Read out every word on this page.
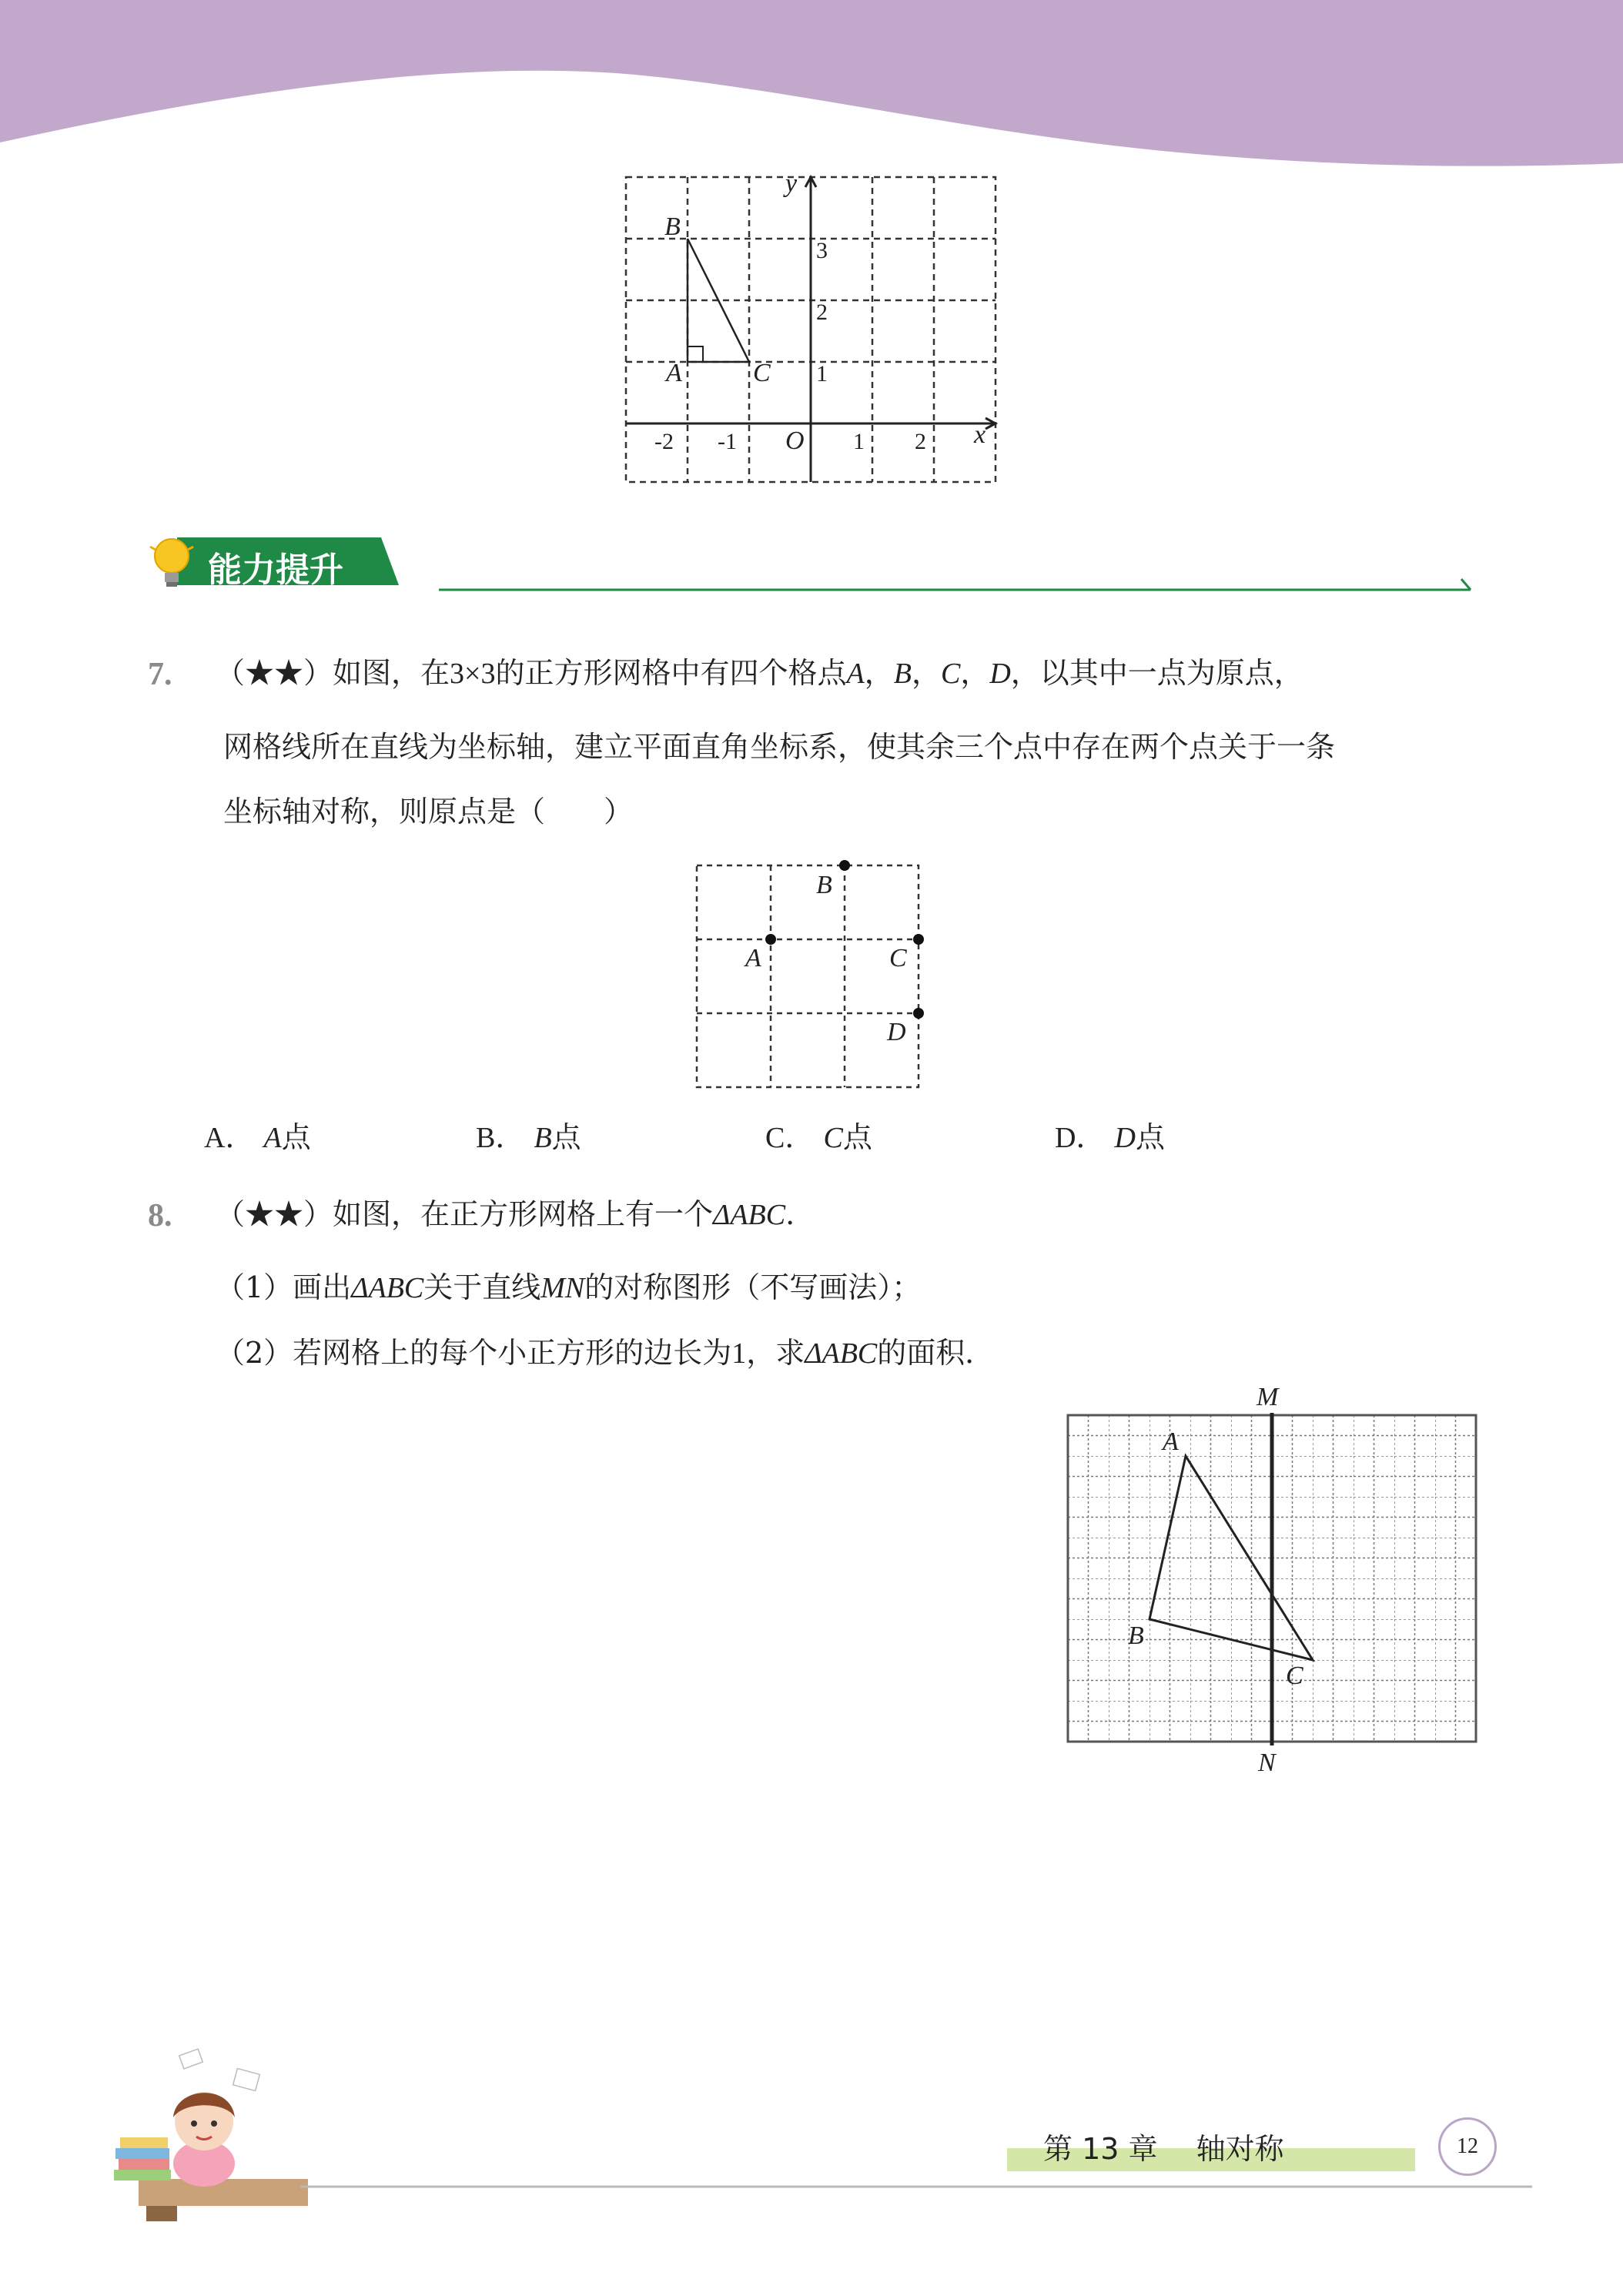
y
x
B
A	C
O
-2 -1	1 2
1
2
3
能力提升
7. （★★）如图，在3×3的正方形网格中有四个格点A，B，C，D，以其中一点为原点，
网格线所在直线为坐标轴，建立平面直角坐标系，使其余三个点中存在两个点关于一条
坐标轴对称，则原点是（　　）
B
A	C
D
A． A点	B． B点	C． C点	D． D点
8. （★★）如图，在正方形网格上有一个ΔABC.
（1）画出ΔABC关于直线MN的对称图形（不写画法）；
（2）若网格上的每个小正方形的边长为1，求ΔABC的面积．
M
N
A
B
C
第 13 章　 轴对称	12
